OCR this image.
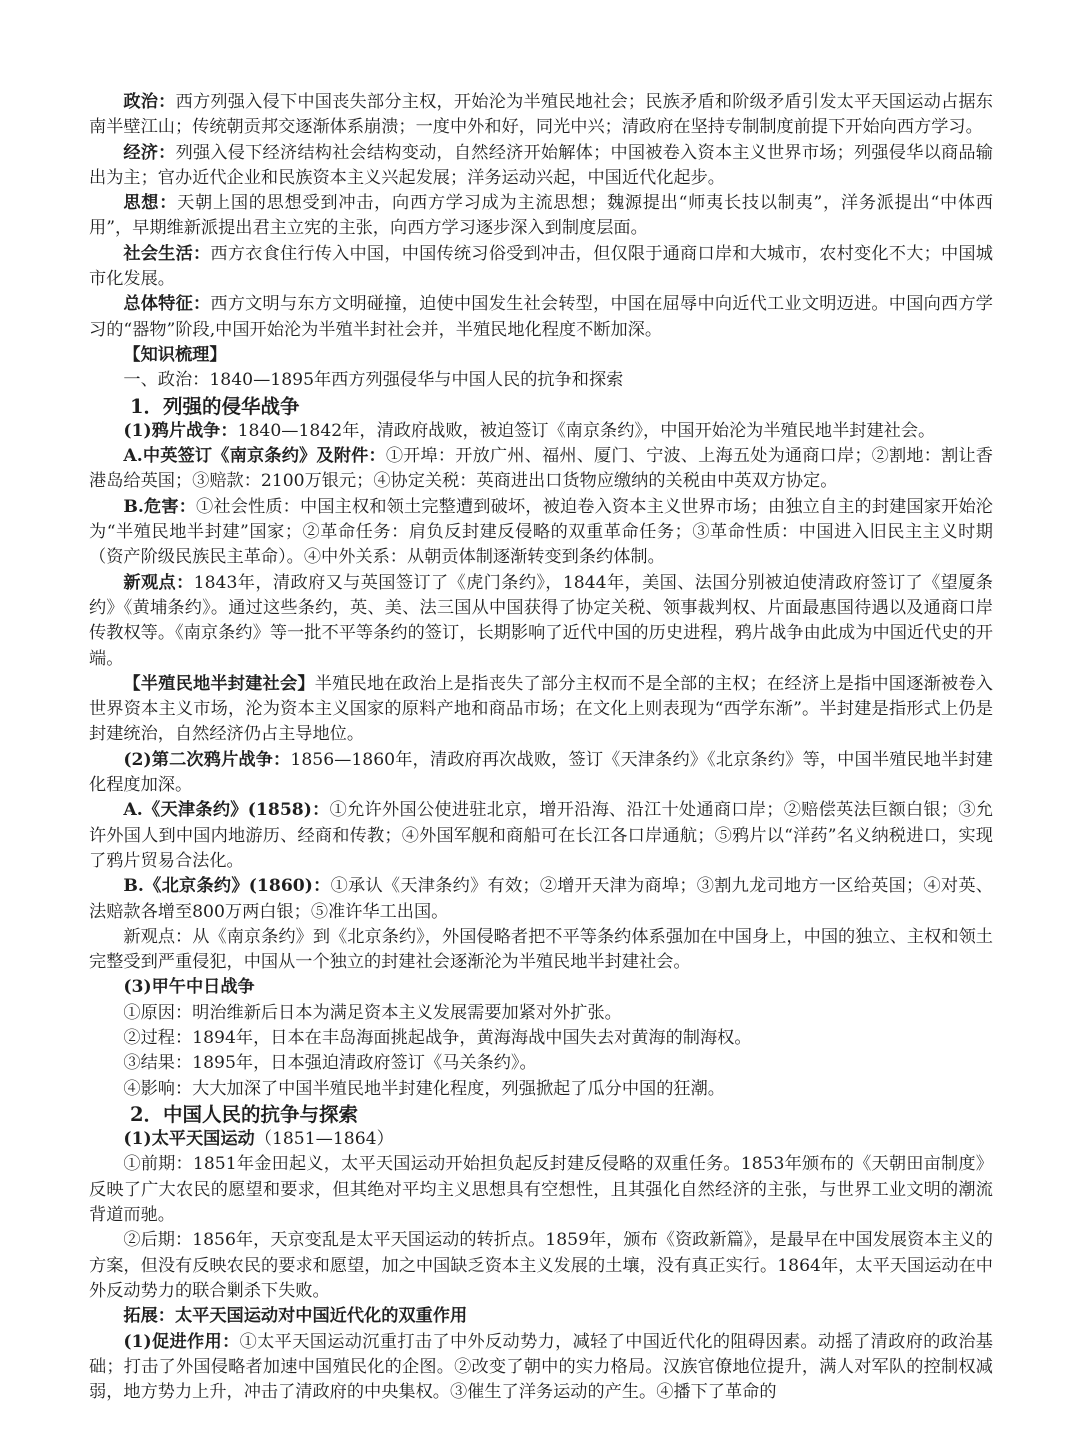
政治：西方列强入侵下中国丧失部分主权，开始沦为半殖民地社会；民族矛盾和阶级矛盾引发太平天国运动占据东南半壁江山；传统朝贡邦交逐渐体系崩溃；一度中外和好，同光中兴；清政府在坚持专制制度前提下开始向西方学习。

经济：列强入侵下经济结构社会结构变动，自然经济开始解体；中国被卷入资本主义世界市场；列强侵华以商品输出为主；官办近代企业和民族资本主义兴起发展；洋务运动兴起，中国近代化起步。

思想：天朝上国的思想受到冲击，向西方学习成为主流思想；魏源提出“师夷长技以制夷”，洋务派提出“中体西用”，早期维新派提出君主立宪的主张，向西方学习逐步深入到制度层面。

社会生活：西方衣食住行传入中国，中国传统习俗受到冲击，但仅限于通商口岸和大城市，农村变化不大；中国城市化发展。

总体特征：西方文明与东方文明碰撞，迫使中国发生社会转型，中国在屈辱中向近代工业文明迈进。中国向西方学习的“器物”阶段,中国开始沦为半殖半封社会并，半殖民地化程度不断加深。

【知识梳理】

一、政治：1840—1895年西方列强侵华与中国人民的抗争和探索

1．列强的侵华战争

(1)鸦片战争：1840—1842年，清政府战败，被迫签订《南京条约》，中国开始沦为半殖民地半封建社会。

A.中英签订《南京条约》及附件：①开埠：开放广州、福州、厦门、宁波、上海五处为通商口岸；②割地：割让香港岛给英国；③赔款：2100万银元；④协定关税：英商进出口货物应缴纳的关税由中英双方协定。

B.危害：①社会性质：中国主权和领土完整遭到破坏，被迫卷入资本主义世界市场；由独立自主的封建国家开始沦为“半殖民地半封建”国家；②革命任务：肩负反封建反侵略的双重革命任务；③革命性质：中国进入旧民主主义时期（资产阶级民族民主革命）。④中外关系：从朝贡体制逐渐转变到条约体制。

新观点：1843年，清政府又与英国签订了《虎门条约》，1844年，美国、法国分别被迫使清政府签订了《望厦条约》《黄埔条约》。通过这些条约，英、美、法三国从中国获得了协定关税、领事裁判权、片面最惠国待遇以及通商口岸传教权等。《南京条约》等一批不平等条约的签订，长期影响了近代中国的历史进程，鸦片战争由此成为中国近代史的开端。

【半殖民地半封建社会】半殖民地在政治上是指丧失了部分主权而不是全部的主权；在经济上是指中国逐渐被卷入世界资本主义市场，沦为资本主义国家的原料产地和商品市场；在文化上则表现为“西学东渐”。半封建是指形式上仍是封建统治，自然经济仍占主导地位。

(2)第二次鸦片战争：1856—1860年，清政府再次战败，签订《天津条约》《北京条约》等，中国半殖民地半封建化程度加深。

A.《天津条约》(1858)：①允许外国公使进驻北京，增开沿海、沿江十处通商口岸；②赔偿英法巨额白银；③允许外国人到中国内地游历、经商和传教；④外国军舰和商船可在长江各口岸通航；⑤鸦片以“洋药”名义纳税进口，实现了鸦片贸易合法化。

B.《北京条约》(1860)：①承认《天津条约》有效；②增开天津为商埠；③割九龙司地方一区给英国；④对英、法赔款各增至800万两白银；⑤准许华工出国。

新观点：从《南京条约》到《北京条约》，外国侵略者把不平等条约体系强加在中国身上，中国的独立、主权和领土完整受到严重侵犯，中国从一个独立的封建社会逐渐沦为半殖民地半封建社会。

(3)甲午中日战争

①原因：明治维新后日本为满足资本主义发展需要加紧对外扩张。

②过程：1894年，日本在丰岛海面挑起战争，黄海海战中国失去对黄海的制海权。

③结果：1895年，日本强迫清政府签订《马关条约》。

④影响：大大加深了中国半殖民地半封建化程度，列强掀起了瓜分中国的狂潮。

2．中国人民的抗争与探索

(1)太平天国运动（1851—1864）

①前期：1851年金田起义，太平天国运动开始担负起反封建反侵略的双重任务。1853年颁布的《天朝田亩制度》反映了广大农民的愿望和要求，但其绝对平均主义思想具有空想性，且其强化自然经济的主张，与世界工业文明的潮流背道而驰。

②后期：1856年，天京变乱是太平天国运动的转折点。1859年，颁布《资政新篇》，是最早在中国发展资本主义的方案，但没有反映农民的要求和愿望，加之中国缺乏资本主义发展的土壤，没有真正实行。1864年，太平天国运动在中外反动势力的联合剿杀下失败。

拓展：太平天国运动对中国近代化的双重作用

(1)促进作用：①太平天国运动沉重打击了中外反动势力，减轻了中国近代化的阻碍因素。动摇了清政府的政治基础；打击了外国侵略者加速中国殖民化的企图。②改变了朝中的实力格局。汉族官僚地位提升，满人对军队的控制权减弱，地方势力上升，冲击了清政府的中央集权。③催生了洋务运动的产生。④播下了革命的
